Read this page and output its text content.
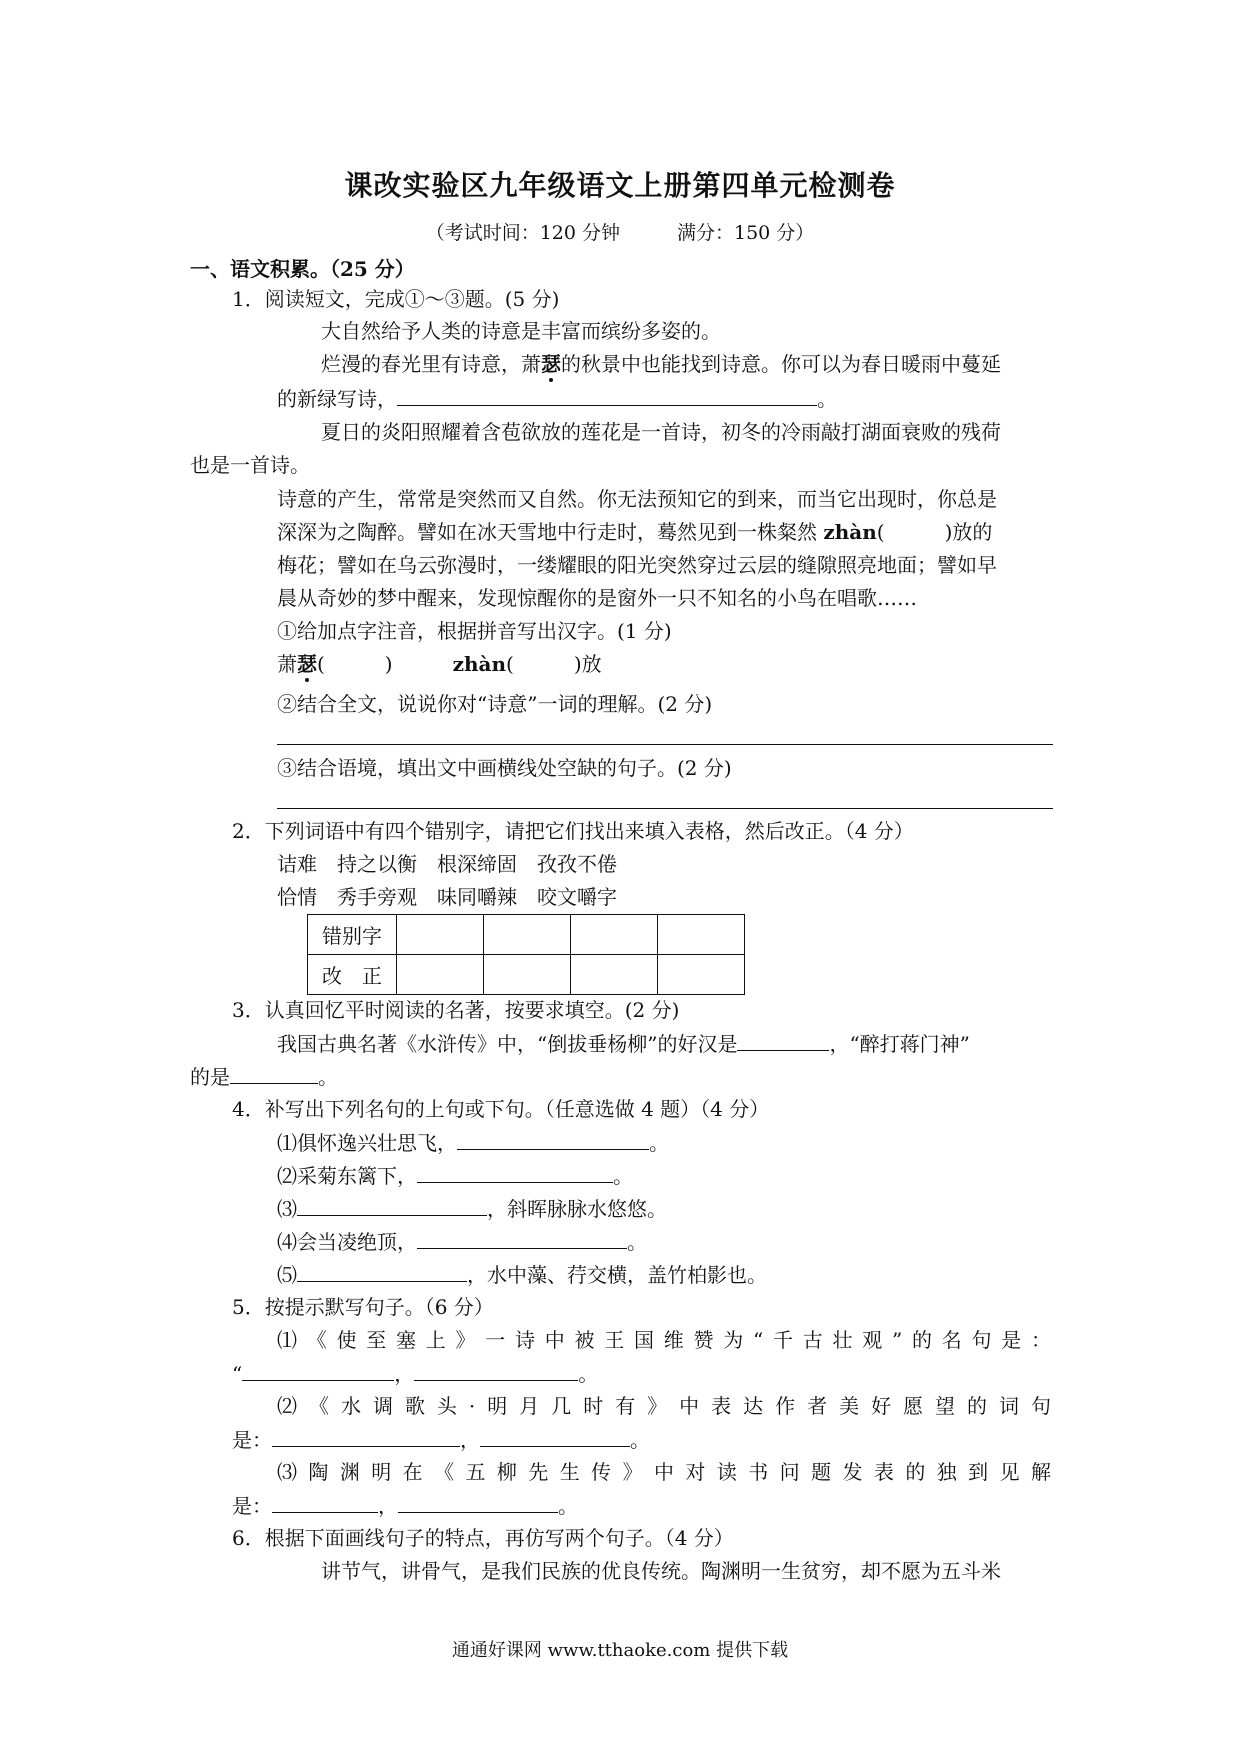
课改实验区九年级语文上册第四单元检测卷
（考试时间：120 分钟　　　满分：150 分）
一、语文积累。（25 分）
1．阅读短文，完成①～③题。(5 分)
大自然给予人类的诗意是丰富而缤纷多姿的。
烂漫的春光里有诗意，萧瑟的秋景中也能找到诗意。你可以为春日暖雨中蔓延
的新绿写诗，	。
夏日的炎阳照耀着含苞欲放的莲花是一首诗，初冬的冷雨敲打湖面衰败的残荷
也是一首诗。
诗意的产生，常常是突然而又自然。你无法预知它的到来，而当它出现时，你总是
深深为之陶醉。譬如在冰天雪地中行走时，蓦然见到一株粲然 zhàn(　　　)放的
梅花；譬如在乌云弥漫时，一缕耀眼的阳光突然穿过云层的缝隙照亮地面；譬如早
晨从奇妙的梦中醒来，发现惊醒你的是窗外一只不知名的小鸟在唱歌……
①给加点字注音，根据拼音写出汉字。(1 分)
萧瑟(　　　)　　　	zhàn(　　　)放
②结合全文，说说你对“诗意”一词的理解。(2 分)
③结合语境，填出文中画横线处空缺的句子。(2 分)
2．下列词语中有四个错别字，请把它们找出来填入表格，然后改正。（4 分）
诘难　持之以衡　根深缔固　孜孜不倦
恰情　秀手旁观　味同嚼辣　咬文嚼字
错别字				
改　正				
3．认真回忆平时阅读的名著，按要求填空。(2 分)
我国古典名著《水浒传》中，“倒拔垂杨柳”的好汉是	，“醉打蒋门神”
的是	。
4．补写出下列名句的上句或下句。（任意选做 4 题）（4 分）
⑴俱怀逸兴壮思飞，	。
⑵采菊东篱下，	。
⑶	，斜晖脉脉水悠悠。
⑷会当凌绝顶，	。
⑸	，水中藻、荇交横，盖竹柏影也。
5．按提示默写句子。（6 分）
⑴《使至塞上》一诗中被王国维赞为“千古壮观”的名句是：
“	，	。
⑵《水调歌头·明月几时有》中表达作者美好愿望的词句
是：	，	。
⑶陶渊明在《五柳先生传》中对读书问题发表的独到见解
是：	，	。
6．根据下面画线句子的特点，再仿写两个句子。（4 分）
讲节气，讲骨气，是我们民族的优良传统。陶渊明一生贫穷，却不愿为五斗米
通通好课网 www.tthaoke.com 提供下载
